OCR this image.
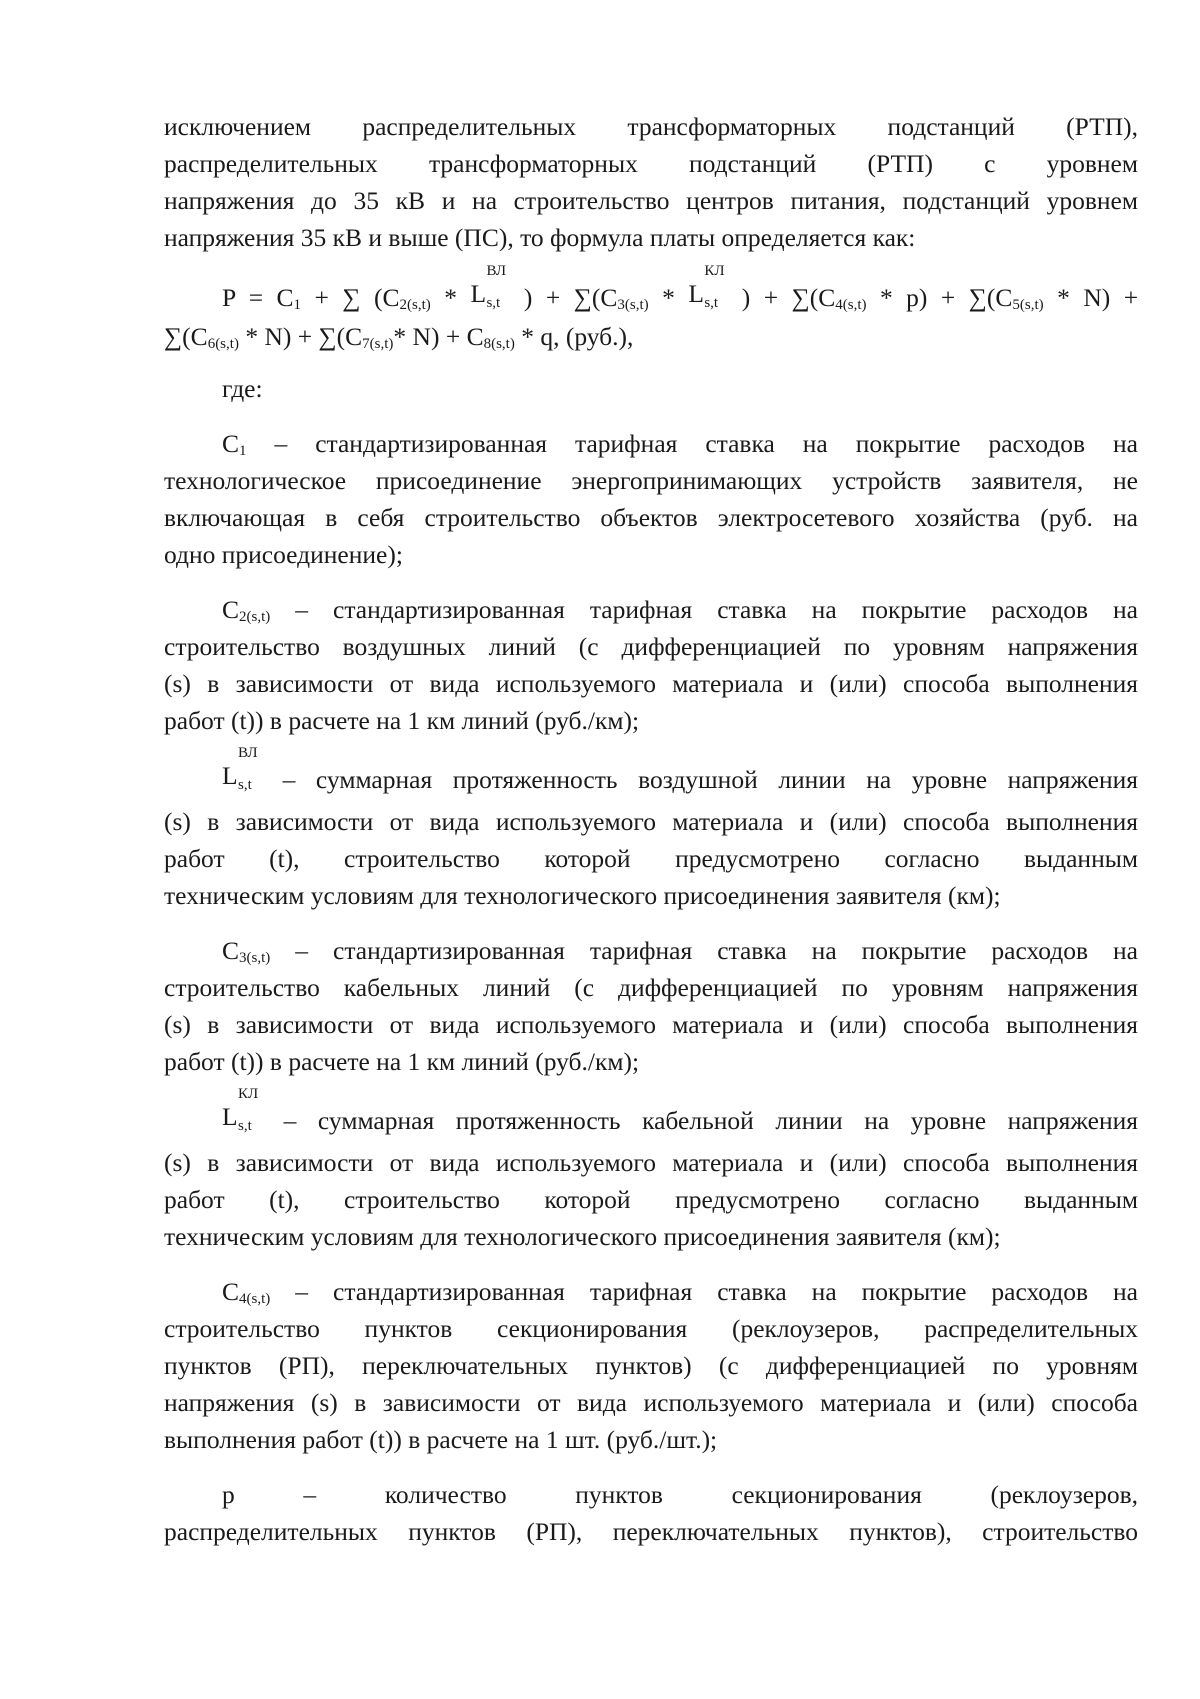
исключением распределительных трансформаторных подстанций (РТП),

распределительных трансформаторных подстанций (РТП) с уровнем

напряжения до 35 кВ и на строительство центров питания, подстанций уровнем

напряжения 35 кВ и выше (ПС), то формула платы определяется как:

$P = C_1$ + ∑ ($C_{2(s,t)}$ * L
ВЛ
s,t ) + $\sum(C_{3(s,t)}$ * L
КЛ
s,t ) + $\sum(C_{4(s,t)} * p) + \sum(C_{5(s,t)} * N)$ +

$\sum(C_{6(s,t)} * N) + \sum(C_{7(s,t)}*$ $N) + C_{8(s,t)} * q$, (руб.),

где:

$C_1$ – стандартизированная тарифная ставка на покрытие расходов на

технологическое присоединение энергопринимающих устройств заявителя, не

включающая в себя строительство объектов электросетевого хозяйства (руб. на

одно присоединение);

$C_{2(s,t)}$ – стандартизированная тарифная ставка на покрытие расходов на

строительство воздушных линий (с дифференциацией по уровням напряжения

(s) в зависимости от вида используемого материала и (или) способа выполнения

работ (t)) в расчете на 1 км линий (руб./км);

L
ВЛ
s,t – суммарная протяженность воздушной линии на уровне напряжения

(s) в зависимости от вида используемого материала и (или) способа выполнения

работ (t), строительство которой предусмотрено согласно выданным

техническим условиям для технологического присоединения заявителя (км);

$C_{3(s,t)}$ – стандартизированная тарифная ставка на покрытие расходов на

строительство кабельных линий (с дифференциацией по уровням напряжения

(s) в зависимости от вида используемого материала и (или) способа выполнения

работ (t)) в расчете на 1 км линий (руб./км);

L
КЛ
s,t – суммарная протяженность кабельной линии на уровне напряжения

(s) в зависимости от вида используемого материала и (или) способа выполнения

работ (t), строительство которой предусмотрено согласно выданным

техническим условиям для технологического присоединения заявителя (км);

$C_{4(s,t)}$ – стандартизированная тарифная ставка на покрытие расходов на

строительство пунктов секционирования (реклоузеров, распределительных

пунктов (РП), переключательных пунктов) (с дифференциацией по уровням

напряжения (s) в зависимости от вида используемого материала и (или) способа

выполнения работ (t)) в расчете на 1 шт. (руб./шт.);

p – количество пунктов секционирования (реклоузеров,

распределительных пунктов (РП), переключательных пунктов), строительство
